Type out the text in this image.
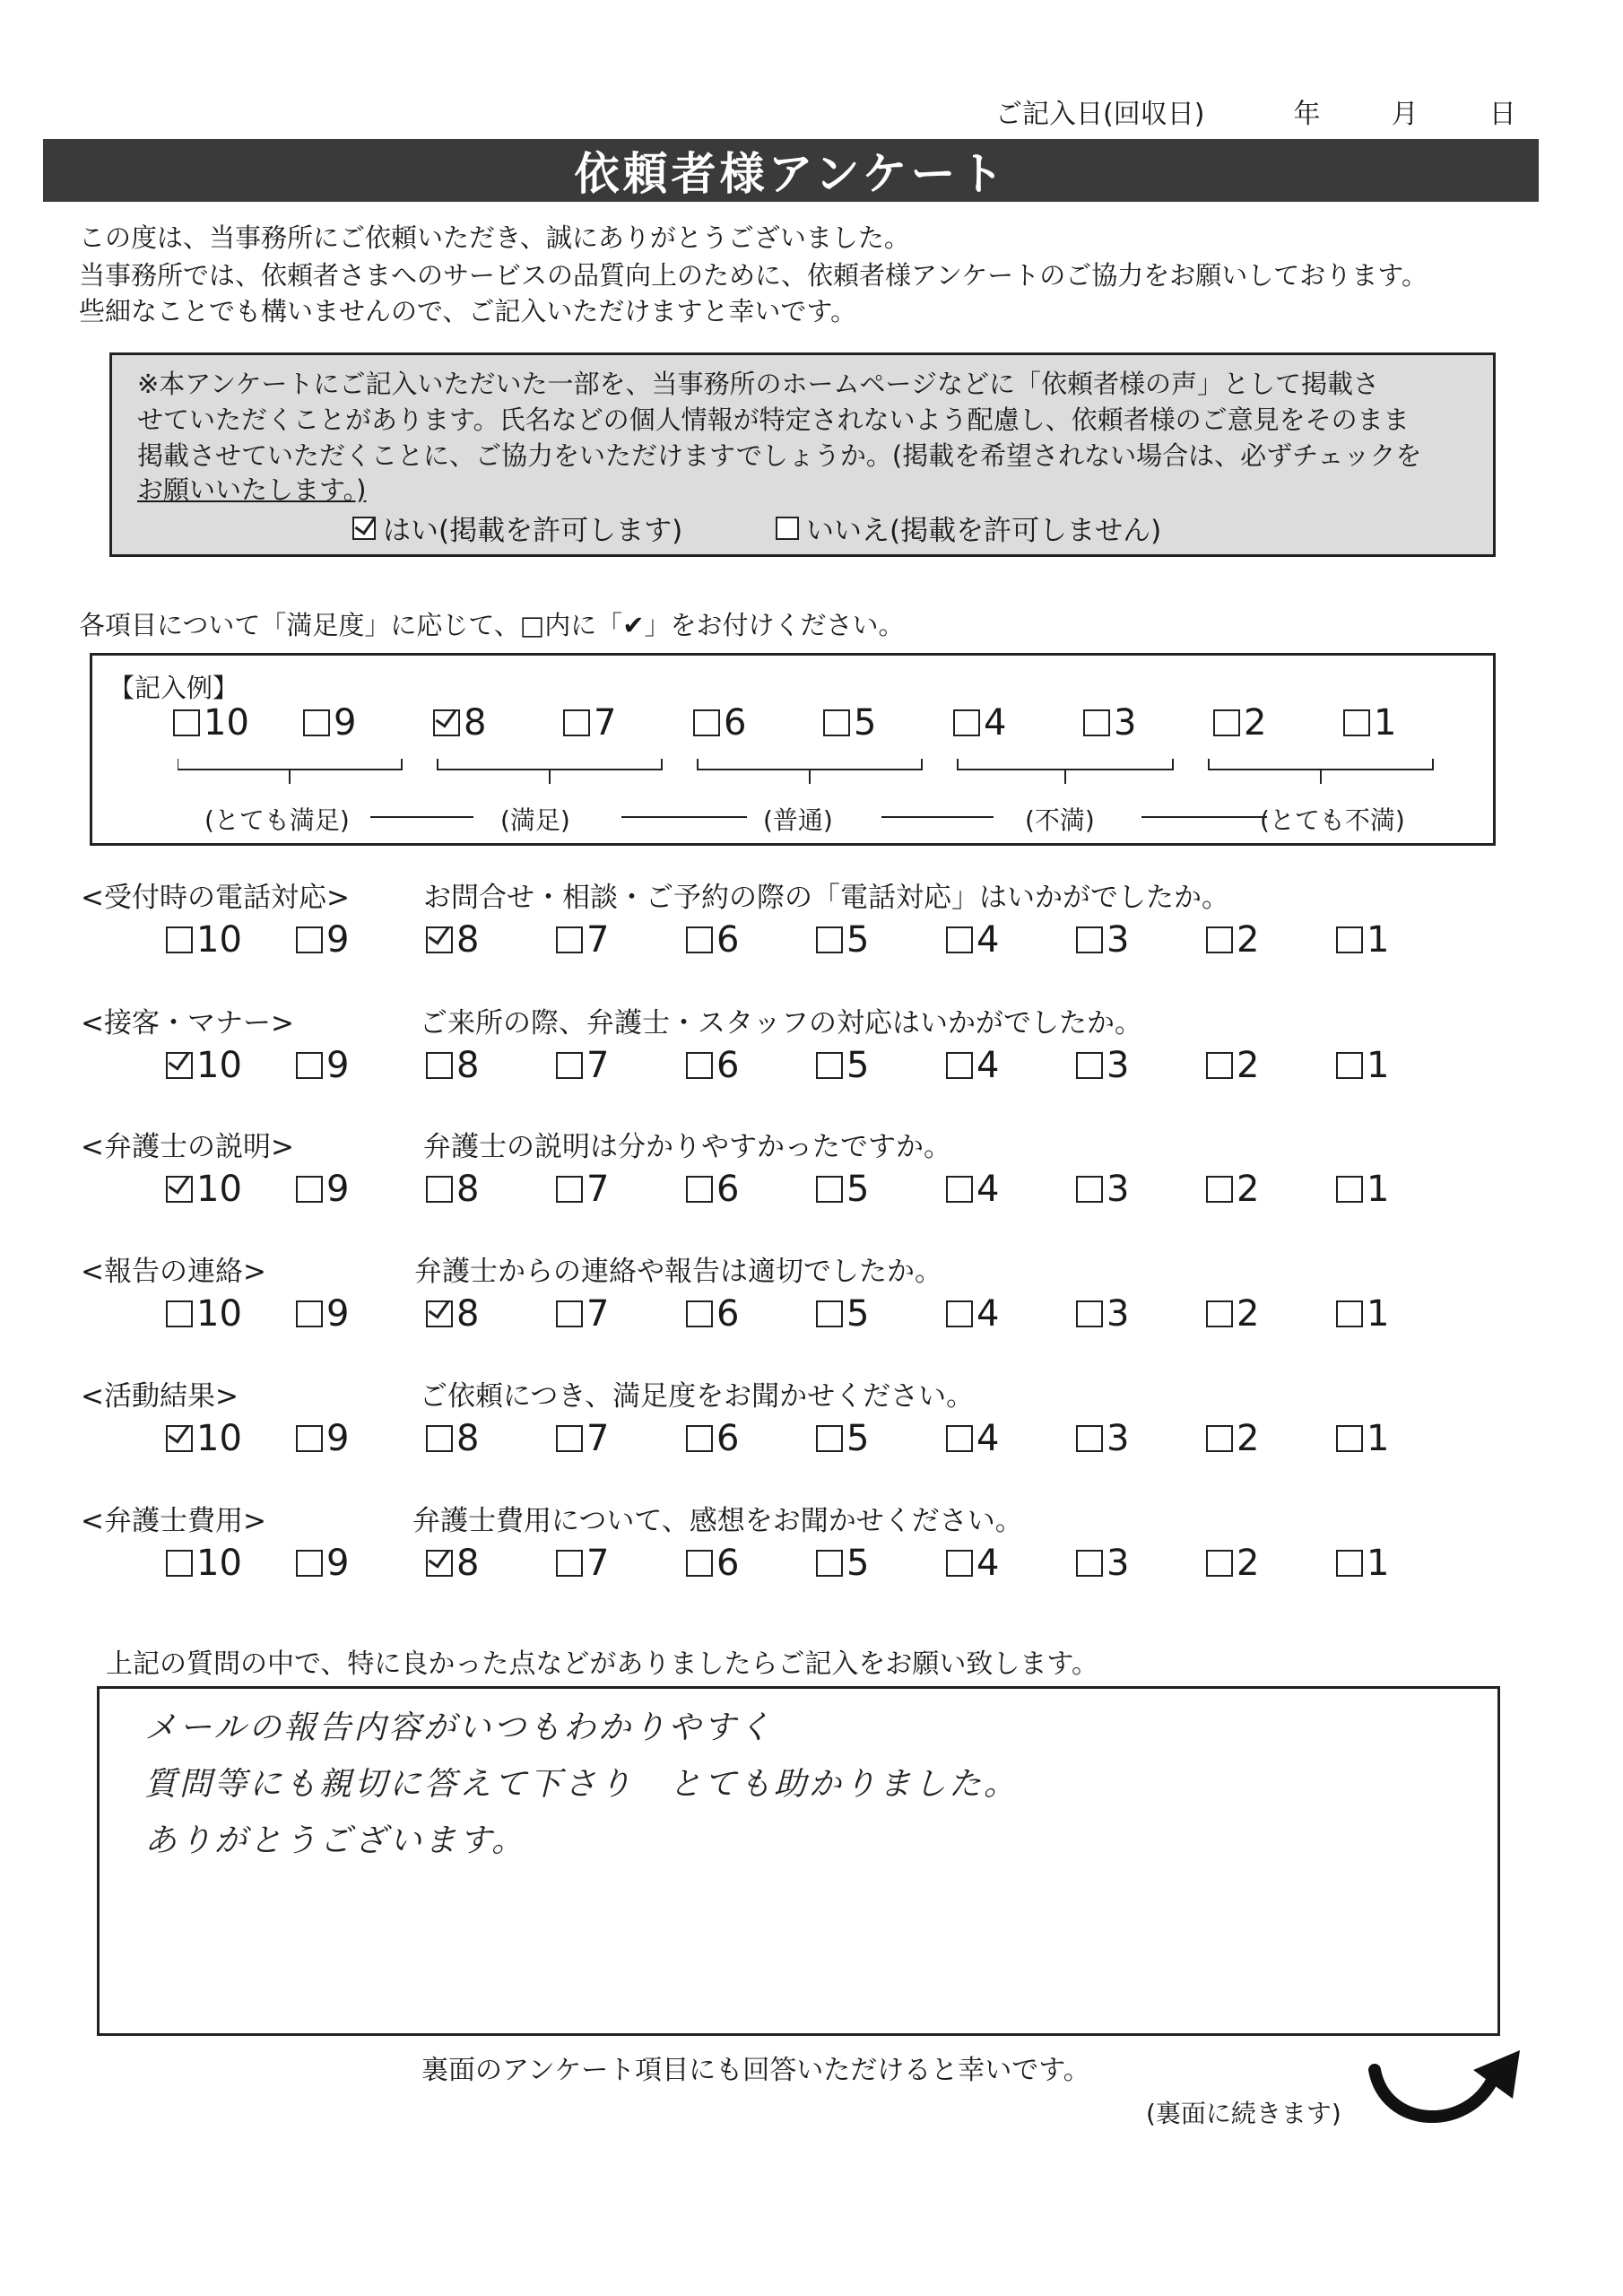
ご記入日(回収日)	年	月	日
依頼者様アンケート
この度は、当事務所にご依頼いただき、誠にありがとうございました。
当事務所では、依頼者さまへのサービスの品質向上のために、依頼者様アンケートのご協力をお願いしております。
些細なことでも構いませんので、ご記入いただけますと幸いです。
※本アンケートにご記入いただいた一部を、当事務所のホームページなどに「依頼者様の声」として掲載さ
せていただくことがあります。氏名などの個人情報が特定されないよう配慮し、依頼者様のご意見をそのまま
掲載させていただくことに、ご協力をいただけますでしょうか。(掲載を希望されない場合は、必ずチェックを
お願いいたします。)
はい(掲載を許可します)	いいえ(掲載を許可しません)
各項目について「満足度」に応じて、□内に「✔」をお付けください。
【記入例】
10 9	8	7	6	5	4	3	2	1
(とても満足)	(満足)	(普通)	(不満)	(とても不満)
<受付時の電話対応>	お問合せ・相談・ご予約の際の「電話対応」はいかがでしたか。
10 9	8	7	6	5	4	3	2	1
<接客・マナー>	ご来所の際、弁護士・スタッフの対応はいかがでしたか。
10 9	8	7	6	5	4	3	2	1
<弁護士の説明>	弁護士の説明は分かりやすかったですか。
10 9	8	7	6	5	4	3	2	1
<報告の連絡>	弁護士からの連絡や報告は適切でしたか。
10 9	8	7	6	5	4	3	2	1
<活動結果>	ご依頼につき、満足度をお聞かせください。
10 9	8	7	6	5	4	3	2	1
<弁護士費用>	弁護士費用について、感想をお聞かせください。
10 9	8	7	6	5	4	3	2	1
上記の質問の中で、特に良かった点などがありましたらご記入をお願い致します。
メールの報告内容がいつもわかりやすく
質問等にも親切に答えて下さり　とても助かりました。
ありがとうございます。
裏面のアンケート項目にも回答いただけると幸いです。
(裏面に続きます)
